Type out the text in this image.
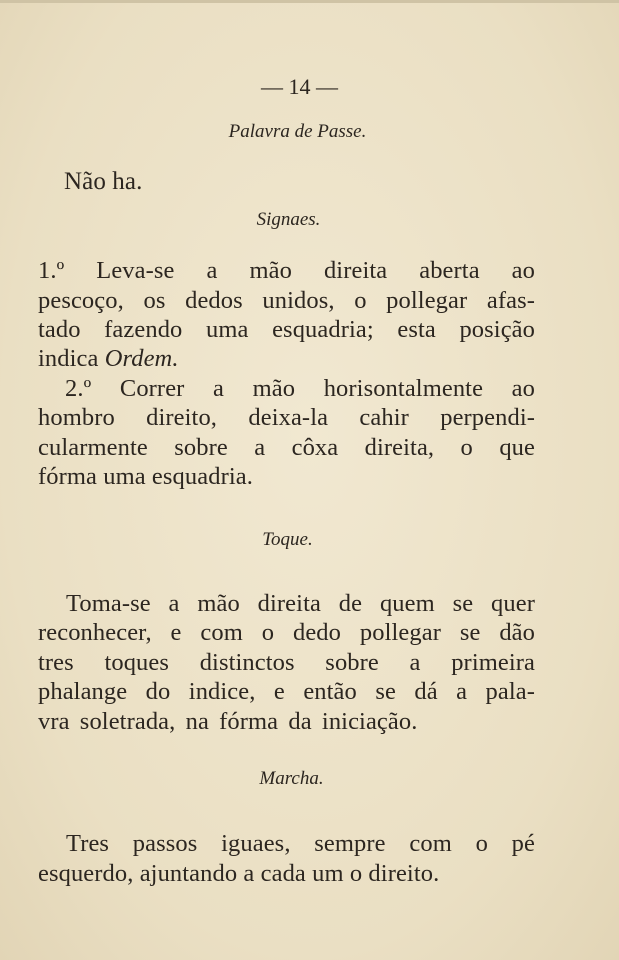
— 14 —
Palavra de Passe.
Não ha.
Signaes.
1.º Leva-se a mão direita aberta ao
pescoço, os dedos unidos, o pollegar afas-
tado fazendo uma esquadria; esta posição
indica Ordem.
2.º Correr a mão horisontalmente ao
hombro direito, deixa-la cahir perpendi-
cularmente sobre a côxa direita, o que
fórma uma esquadria.
Toque.
Toma-se a mão direita de quem se quer
reconhecer, e com o dedo pollegar se dão
tres toques distinctos sobre a primeira
phalange do indice, e então se dá a pala-
vra soletrada, na fórma da iniciação.
Marcha.
Tres passos iguaes, sempre com o pé
esquerdo, ajuntando a cada um o direito.
